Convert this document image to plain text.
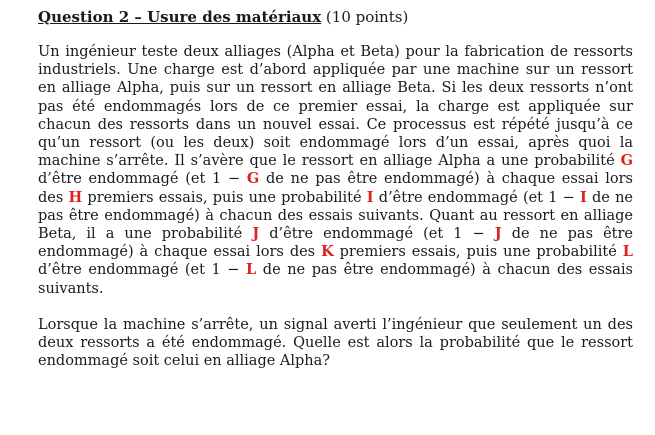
Question 2 – Usure des matériaux (10 points)

Un ingénieur teste deux alliages (Alpha et Beta) pour la fabrication de ressorts industriels. Une charge est d’abord appliquée par une machine sur un ressort en alliage Alpha, puis sur un ressort en alliage Beta. Si les deux ressorts n’ont pas été endommagés lors de ce premier essai, la charge est appliquée sur chacun des ressorts dans un nouvel essai. Ce processus est répété jusqu’à ce qu’un ressort (ou les deux) soit endommagé lors d’un essai, après quoi la machine s’arrête. Il s’avère que le ressort en alliage Alpha a une probabilité G d’être endommagé (et 1 − G de ne pas être endommagé) à chaque essai lors des H premiers essais, puis une probabilité I d’être endommagé (et 1 − I de ne pas être endommagé) à chacun des essais suivants. Quant au ressort en alliage Beta, il a une probabilité J d’être endommagé (et 1 − J de ne pas être endommagé) à chaque essai lors des K premiers essais, puis une probabilité L d’être endommagé (et 1 − L de ne pas être endommagé) à chacun des essais suivants.

Lorsque la machine s’arrête, un signal averti l’ingénieur que seulement un des deux ressorts a été endommagé. Quelle est alors la probabilité que le ressort endommagé soit celui en alliage Alpha?
